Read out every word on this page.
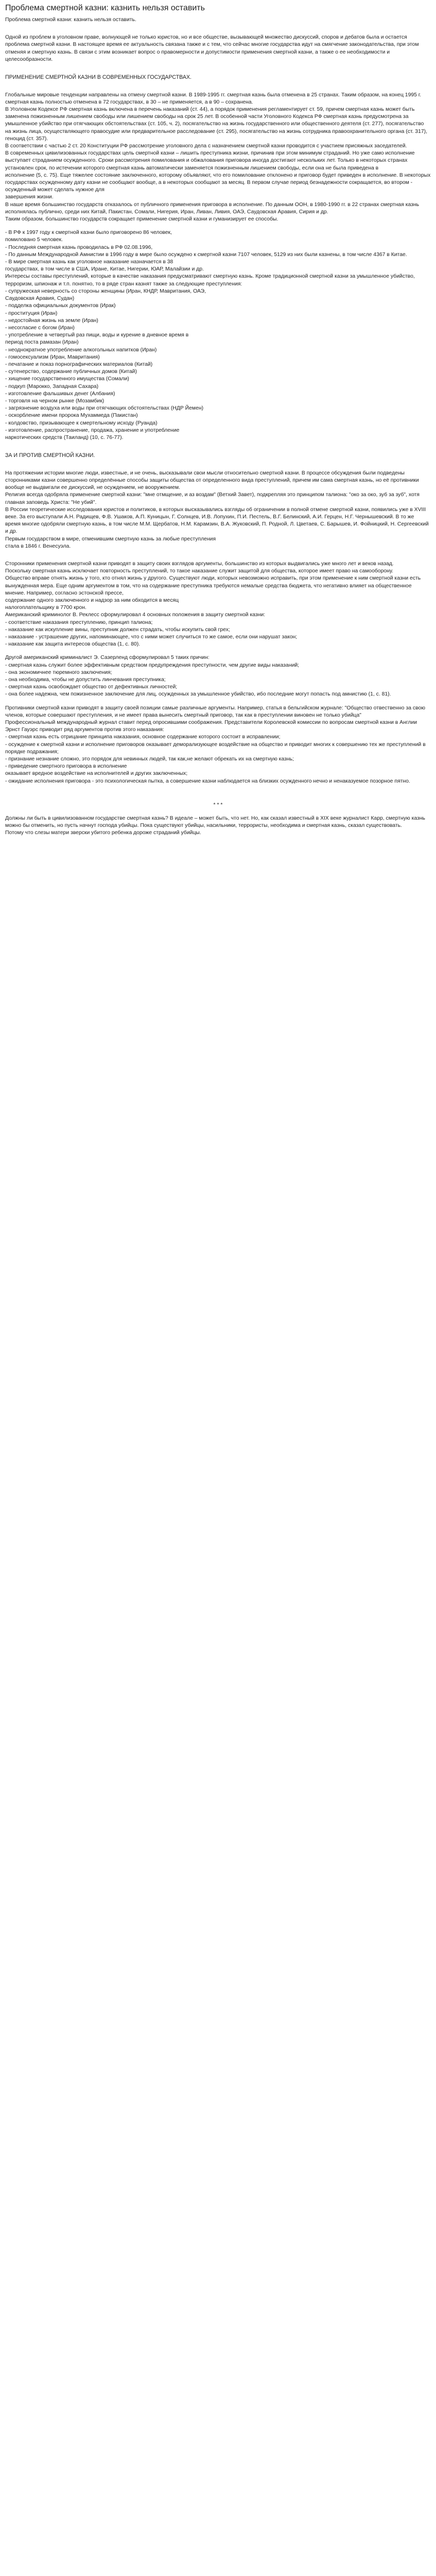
Проблема смертной казни: казнить нельзя оставить
Проблема смертной казни: казнить нельзя оставить.
Одной из проблем в уголовном праве, волнующей не только юристов, но и все обществе, вызывающей множество дискуссий, споров и дебатов была и остается проблема смертной казни. В настоящее время ее актуальность связана также и с тем, что сейчас многие государства идут на смягчение законодательства, при этом отменяя и смертную казнь. В связи с этим возникает вопрос о правомерности и допустимости применения смертной казни, а также о ее необходимости и целесообразности.
ПРИМЕНЕНИЕ СМЕРТНОЙ КАЗНИ В СОВРЕМЕННЫХ ГОСУДАРСТВАХ.
Глобальные мировые тенденции направлены на отмену смертной казни. В 1989-1995 гг. смертная казнь была отменена в 25 странах. Таким образом, на конец 1995 г. смертная казнь полностью отменена в 72 государствах, в 30 – не применяется, а в 90 – сохранена.
В Уголовном Кодексе РФ смертная казнь включена в перечень наказаний (ст. 44), а порядок применения регламентирует ст. 59, причем смертная казнь может быть заменена пожизненным лишением свободы или лишением свободы на срок 25 лет. В особенной части Уголовного Кодекса РФ смертная казнь предусмотрена за умышленное убийство при отягчающих обстоятельствах (ст. 105, ч. 2), посягательство на жизнь государственного или общественного деятеля (ст. 277), посягательство на жизнь лица, осуществляющего правосудие или предварительное расследование (ст. 295), посягательство на жизнь сотрудника правоохранительного органа (ст. 317), геноцид (ст. 357).
В соответствии с частью 2 ст. 20 Конституции РФ рассмотрение уголовного дела с назначением смертной казни проводится с участием присяжных заседателей.
В современных цивилизованных государствах цель смертной казни – лишить преступника жизни, причинив при этом минимум страданий. Но уже само исполнение выступает страданием осужденного. Сроки рассмотрения помилования и обжалования приговора иногда достигают нескольких лет. Только в некоторых странах установлен срок, по истечении которого смертная казнь автоматически заменяется пожизненным лишением свободы, если она не была приведена в
исполнение (5, с. 75). Еще тяжелее состояние заключенного, которому объявляют, что его помилование отклонено и приговор будет приведен в исполнение. В некоторых государствах осужденному дату казни не сообщают вообще, а в некоторых сообщают за месяц. В первом случае период безнадежности сокращается, во втором - осужденный может сделать нужное для
завершения жизни.
В наше время большинство государств отказалось от публичного применения приговора в исполнение. По данным ООН, в 1980-1990 гг. в 22 странах смертная казнь исполнялась публично, среди них Китай, Пакистан, Сомали, Нигерия, Иран, Ливан, Ливия, ОАЭ, Саудовская Аравия, Сирия и др.
Таким образом, большинство государств сокращает применение смертной казни и гуманизирует ее способы.
- В РФ к 1997 году к смертной казни было приговорено 86 человек,
помиловано 5 человек.
- Последняя смертная казнь проводилась в РФ 02.08.1996,
- По данным Международной Амнистии в 1996 году в мире было осуждено к смертной казни 7107 человек, 5129 из них были казнены, в том числе 4367 в Китае.
- В мире смертная казнь как уголовное наказание назначается в 38
государствах, в том числе в США, Иране, Китае, Нигерии, ЮАР, Малайзии и др.
Интересы составы преступлений, которые в качестве наказания предусматривают смертную казнь. Кроме традиционной смертной казни за умышленное убийство, терроризм, шпионаж и т.п. понятно, то в ряде стран казнят также за следующие преступления:
- супружеская неверность со стороны женщины (Иран, КНДР, Мавритания, ОАЭ,
Саудовская Аравия, Судан)
- подделка официальных документов (Ирак)
- проституция (Иран)
- недостойная жизнь на земле (Иран)
- несогласие с богом (Иран)
- употребление в четвертый раз пищи, воды и курение в дневное время в
период поста рамазан (Иран)
- неоднократное употребление алкогольных напитков (Иран)
- гомосексуализм (Иран, Мавритания)
- печатание и показ порнографических материалов (Китай)
- сутенерство, содержание публичных домов (Китай)
- хищение государственного имущества (Сомали)
- подкуп (Марокко, Западная Сахара)
- изготовление фальшивых денег (Албания)
- торговля на черном рынке (Мозамбик)
- загрязнение воздуха или воды при отягчающих обстоятельствах (НДР Йемен)
- оскорбление имени пророка Мухаммеда (Пакистан)
- колдовство, призывающее к смертельному исходу (Руанда)
- изготовление, распространение, продажа, хранение и употребление
наркотических средств (Таиланд) (10, с. 76-77).
ЗА И ПРОТИВ СМЕРТНОЙ КАЗНИ.
На протяжении истории многие люди, известные, и не очень, высказывали свои мысли относительно смертной казни. В процессе обсуждения были подведены сторонниками казни совершенно определённые способы защиты общества от определенного вида преступлений, причем им сама смертная казнь, но её противники вообще не выдвигали ее дискуссий, не осуждением, не вооружением.
Религия всегда одобряла применение смертной казни: "мне отмщение, и аз воздам" (Ветхий Завет), подкрепляя это принципом талиона: "око за око, зуб за зуб", хотя главная заповедь Христа: "Не убий".
В России теоретические исследования юристов и политиков, в которых высказывались взгляды об ограничении в полной отмене смертной казни, появились уже в XVIII веке. За его выступали А.Н. Радищев, Ф.В. Ушаков, А.П. Куницын, Г. Солнцев, И.В. Лопухин, П.И. Пестель, В.Г. Белинский, А.И. Герцен, Н.Г. Чернышевский. В то же время многие одобряли смертную казнь, в том числе М.М. Щербатов, Н.М. Карамзин, В.А. Жуковский, П. Родной, Л. Цветаев, С. Барышев, И. Фойницкий, Н. Сергеевский и др.
Первым государством в мире, отменившим смертную казнь за любые преступления
стала в 1846 г. Венесуэла.
Сторонники применения смертной казни приводят в защиту своих взглядов аргументы, большинство из которых выдвигались уже много лет и веков назад.
Поскольку смертная казнь исключает повторность преступлений, то такое наказание служит защитой для общества, которое имеет право на самооборону.
Общество вправе отнять жизнь у того, кто отнял жизнь у другого. Существуют люди, которых невозможно исправить, при этом применение к ним смертной казни есть вынужденная мера. Еще одним аргументом в том, что на содержание преступника требуются немалые средства бюджета, что негативно влияет на общественное мнение. Например, согласно эстонской прессе,
содержание одного заключенного и надзор за ним обходится в месяц
налогоплательщику в 7700 крон.
Американский криминолог В. Реклесс сформулировал 4 основных положения в защиту смертной казни:
- соответствие наказания преступлению, принцип талиона;
- наказание как искупление вины, преступник должен страдать, чтобы искупить свой грех;
- наказание - устрашение других, напоминающее, что с ними может случиться то же самое, если они нарушат закон;
- наказание как защита интересов общества (1, с. 80).
Другой американский криминалист Э. Сазерленд сформулировал 5 таких причин:
- смертная казнь служит более эффективным средством предупреждения преступности, чем другие виды наказаний;
- она экономичнее тюремного заключения;
- она необходима, чтобы не допустить линчевания преступника;
- смертная казнь освобождает общество от дефективных личностей;
- она более надежна, чем пожизненное заключение для лиц, осужденных за умышленное убийство, ибо последние могут попасть под амнистию (1, с. 81).
Противники смертной казни приводят в защиту своей позиции самые различные аргументы. Например, статья в бельгийском журнале: "Общество отвественно за свою членов, которые совершают преступления, и не имеет права вынесить смертный приговор, так как в преступлении виновен не только убийца"
Профессиональный международный журнал ставит перед опросившими соображения. Представители Королевской комиссии по вопросам смертной казни в Англии Эрнст Гауэрс приводит ряд аргументов против этого наказания:
- смертная казнь есть отрицание принципа наказания, основное содержание которого состоит в исправлении;
- осуждение к смертной казни и исполнение приговоров оказывает деморализующее воздействие на общество и приводит многих к совершению тех же преступлений в порядке подражания;
- признание незнание сложно, это порядок для невинных людей, так как,не желают обрекать их на смертную казнь;
- приведение смертного приговора в исполнение
оказывает вредное воздействие на исполнителей и других заключенных;
- ожидание исполнения приговора - это психологическая пытка, а совершение казни наблюдается на близких осужденного нечно и ненаказуемое позорное пятно.
* * *
Должны ли быть в цивилизованном государстве смертная казнь? В идеале – может быть, что нет. Но, как сказал известный в XIX веке журналист Карр, смертную казнь можно бы отменить, но пусть начнут господа убийцы. Пока существуют убийцы, насильники, террористы, необходима и смертная казнь, сказал существовать.
Потому что слезы матери зверски убитого ребенка дороже страданий убийцы.
